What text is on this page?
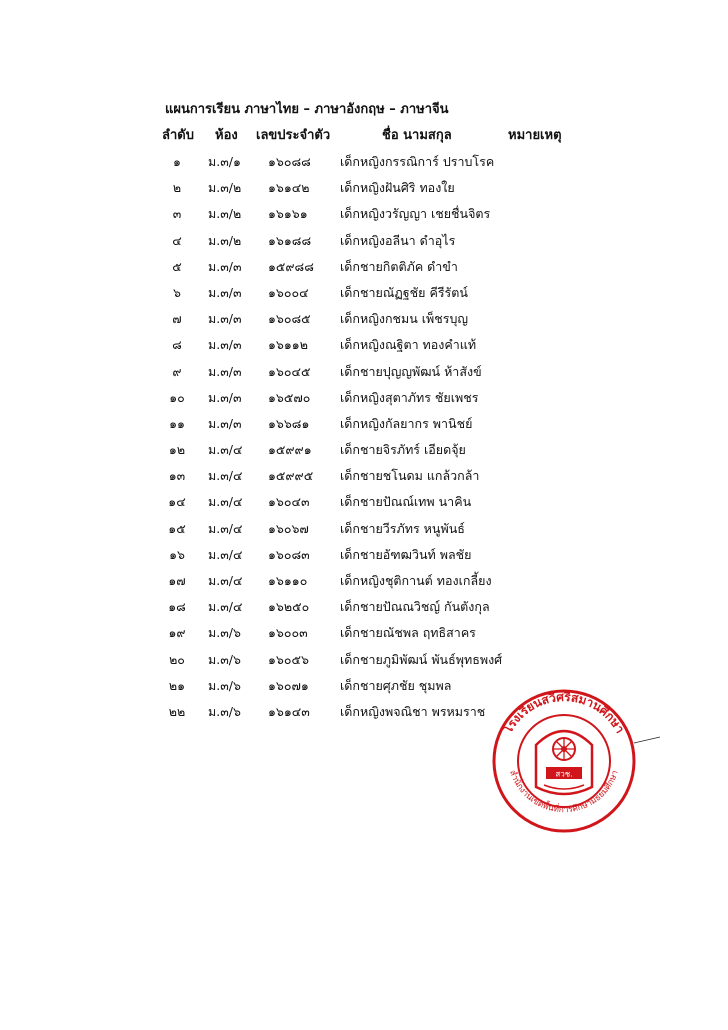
แผนการเรียน ภาษาไทย – ภาษาอังกฤษ – ภาษาจีน
ลำดับ ห้อง เลขประจำตัว	ชื่อ นามสกุล	หมายเหตุ
๑	ม.๓/๑ ๑๖๐๘๘ เด็กหญิงกรรณิการ์ ปราบโรค
๒	ม.๓/๒ ๑๖๑๔๒ เด็กหญิงฝันศิริ ทองใย
๓	ม.๓/๒ ๑๖๑๖๑	เด็กหญิงวรัญญา เชยชื่นจิตร
๔	ม.๓/๒ ๑๖๑๘๘ เด็กหญิงอลีนา ดำอุไร
๕	ม.๓/๓ ๑๕๙๘๘ เด็กชายกิตติภัค ดำขำ
๖	ม.๓/๓ ๑๖๐๐๔	เด็กชายณัฏฐชัย คีรีรัตน์
๗	ม.๓/๓ ๑๖๐๘๕ เด็กหญิงกชมน เพ็ชรบุญ
๘	ม.๓/๓ ๑๖๑๑๒	เด็กหญิงณฐิตา ทองคำแท้
๙	ม.๓/๓ ๑๖๐๔๕ เด็กชายปุญญพัฒน์ ห้าสังข์
๑๐	ม.๓/๓ ๑๖๕๗๐ เด็กหญิงสุตาภัทร ชัยเพชร
๑๑	ม.๓/๓ ๑๖๖๘๑ เด็กหญิงกัลยากร พานิชย์
๑๒	ม.๓/๔ ๑๕๙๙๑ เด็กชายจิรภัทร์ เอียดจุ้ย
๑๓	ม.๓/๔ ๑๕๙๙๕ เด็กชายชโนดม แกล้วกล้า
๑๔	ม.๓/๔ ๑๖๐๔๓ เด็กชายปัณณ์เทพ นาคิน
๑๕	ม.๓/๔ ๑๖๐๖๗ เด็กชายวีรภัทร หนูพันธ์
๑๖	ม.๓/๔ ๑๖๐๘๓ เด็กชายอัฑฒวินท์ พลชัย
๑๗	ม.๓/๔ ๑๖๑๑๐	เด็กหญิงชุติกานต์ ทองเกลี้ยง
๑๘	ม.๓/๔ ๑๖๒๕๐ เด็กชายปัณณวิชญ์ กันตังกุล
๑๙	ม.๓/๖ ๑๖๐๐๓	เด็กชายณัชพล ฤทธิสาคร
๒๐	ม.๓/๖ ๑๖๐๕๖ เด็กชายภูมิพัฒน์ พันธ์พุทธพงศ์
๒๑	ม.๓/๖ ๑๖๐๗๑ เด็กชายศุภชัย ชุมพล
๒๒	ม.๓/๖ ๑๖๑๔๓ เด็กหญิงพจณิชา พรหมราช
โรงเรียนสวีศรีสมานศึกษา
สำนักงานเขตพื้นที่การศึกษามัธยมศึกษา
สวช.
